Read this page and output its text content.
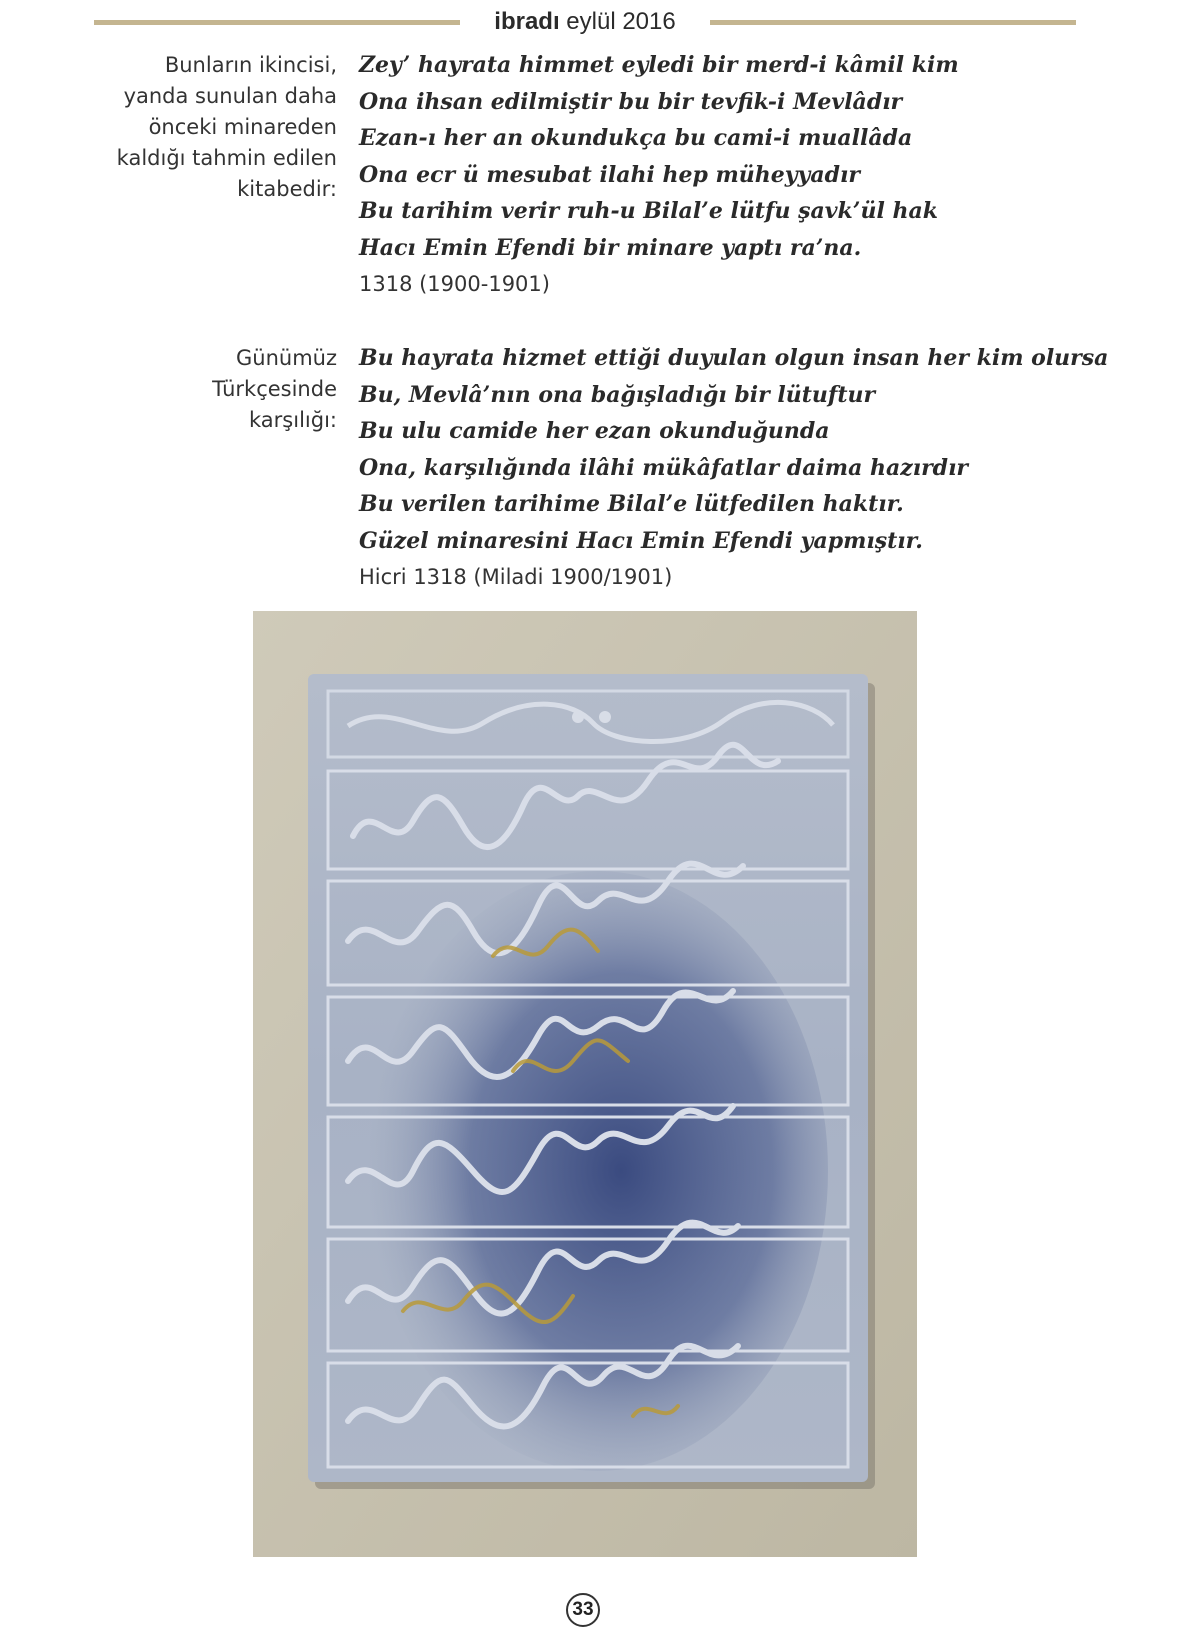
ibradı eylül 2016
Bunların ikincisi,
yanda sunulan daha
önceki minareden
kaldığı tahmin edilen
kitabedir:
Zey’ hayrata himmet eyledi bir merd-i kâmil kim
Ona ihsan edilmiştir bu bir tevfik-i Mevlâdır
Ezan-ı her an okundukça bu cami-i muallâda
Ona ecr ü mesubat ilahi hep müheyyadır
Bu tarihim verir ruh-u Bilal’e lütfu şavk’ül hak
Hacı Emin Efendi bir minare yaptı ra’na.
1318 (1900-1901)
Günümüz
Türkçesinde
karşılığı:
Bu hayrata hizmet ettiği duyulan olgun insan her kim olursa
Bu, Mevlâ’nın ona bağışladığı bir lütuftur
Bu ulu camide her ezan okunduğunda
Ona, karşılığında ilâhi mükâfatlar daima hazırdır
Bu verilen tarihime Bilal’e lütfedilen haktır.
Güzel minaresini Hacı Emin Efendi yapmıştır.
Hicri 1318 (Miladi 1900/1901)
33
